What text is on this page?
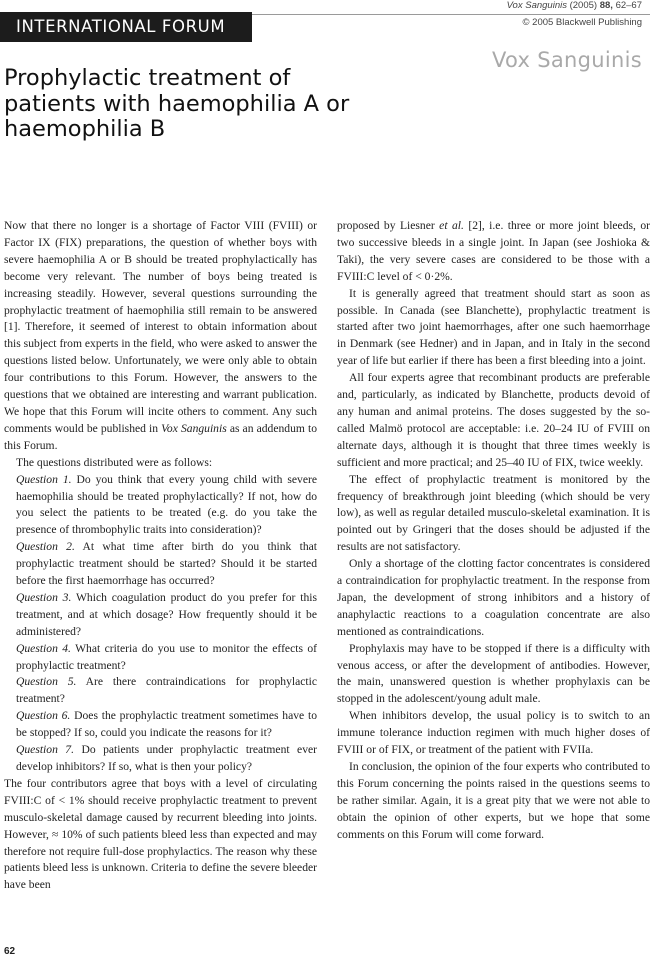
INTERNATIONAL FORUM
Vox Sanguinis (2005) 88, 62–67
© 2005 Blackwell Publishing
Vox Sanguinis
Prophylactic treatment of patients with haemophilia A or haemophilia B

Now that there no longer is a shortage of Factor VIII (FVIII) or Factor IX (FIX) preparations, the question of whether boys with severe haemophilia A or B should be treated prophylactically has become very relevant. The number of boys being treated is increasing steadily. However, several questions surrounding the prophylactic treatment of haemophilia still remain to be answered [1]. Therefore, it seemed of interest to obtain information about this subject from experts in the field, who were asked to answer the questions listed below. Unfortunately, we were only able to obtain four contributions to this Forum. However, the answers to the questions that we obtained are interesting and warrant publication. We hope that this Forum will incite others to comment. Any such comments would be published in Vox Sanguinis as an addendum to this Forum.

The questions distributed were as follows:

Question 1. Do you think that every young child with severe haemophilia should be treated prophylactically? If not, how do you select the patients to be treated (e.g. do you take the presence of thrombophylic traits into consideration)?

Question 2. At what time after birth do you think that prophylactic treatment should be started? Should it be started before the first haemorrhage has occurred?

Question 3. Which coagulation product do you prefer for this treatment, and at which dosage? How frequently should it be administered?

Question 4. What criteria do you use to monitor the effects of prophylactic treatment?

Question 5. Are there contraindications for prophylactic treatment?

Question 6. Does the prophylactic treatment sometimes have to be stopped? If so, could you indicate the reasons for it?

Question 7. Do patients under prophylactic treatment ever develop inhibitors? If so, what is then your policy?

The four contributors agree that boys with a level of circulating FVIII:C of < 1% should receive prophylactic treatment to prevent musculo-skeletal damage caused by recurrent bleeding into joints. However, ≈ 10% of such patients bleed less than expected and may therefore not require full-dose prophylactics. The reason why these patients bleed less is unknown. Criteria to define the severe bleeder have been

proposed by Liesner et al. [2], i.e. three or more joint bleeds, or two successive bleeds in a single joint. In Japan (see Joshioka & Taki), the very severe cases are considered to be those with a FVIII:C level of < 0·2%.

It is generally agreed that treatment should start as soon as possible. In Canada (see Blanchette), prophylactic treatment is started after two joint haemorrhages, after one such haemorrhage in Denmark (see Hedner) and in Japan, and in Italy in the second year of life but earlier if there has been a first bleeding into a joint.

All four experts agree that recombinant products are preferable and, particularly, as indicated by Blanchette, products devoid of any human and animal proteins. The doses suggested by the so-called Malmö protocol are acceptable: i.e. 20–24 IU of FVIII on alternate days, although it is thought that three times weekly is sufficient and more practical; and 25–40 IU of FIX, twice weekly.

The effect of prophylactic treatment is monitored by the frequency of breakthrough joint bleeding (which should be very low), as well as regular detailed musculo-skeletal examination. It is pointed out by Gringeri that the doses should be adjusted if the results are not satisfactory.

Only a shortage of the clotting factor concentrates is considered a contraindication for prophylactic treatment. In the response from Japan, the development of strong inhibitors and a history of anaphylactic reactions to a coagulation concentrate are also mentioned as contraindications.

Prophylaxis may have to be stopped if there is a difficulty with venous access, or after the development of antibodies. However, the main, unanswered question is whether prophylaxis can be stopped in the adolescent/young adult male.

When inhibitors develop, the usual policy is to switch to an immune tolerance induction regimen with much higher doses of FVIII or of FIX, or treatment of the patient with FVIIa.

In conclusion, the opinion of the four experts who contributed to this Forum concerning the points raised in the questions seems to be rather similar. Again, it is a great pity that we were not able to obtain the opinion of other experts, but we hope that some comments on this Forum will come forward.

62
